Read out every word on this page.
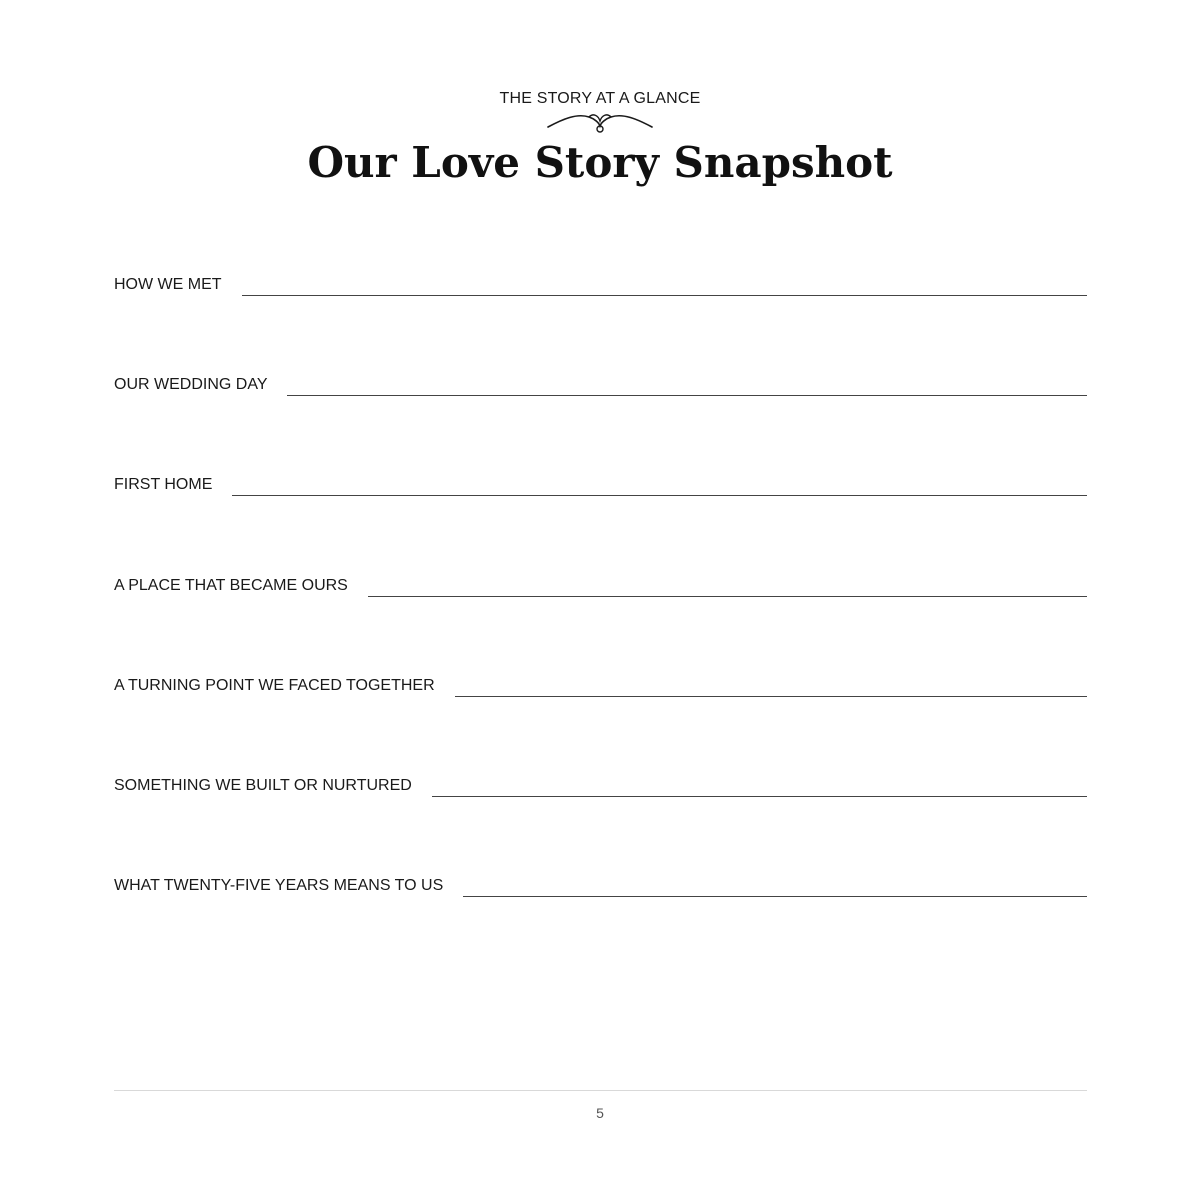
THE STORY AT A GLANCE
Our Love Story Snapshot
HOW WE MET
OUR WEDDING DAY
FIRST HOME
A PLACE THAT BECAME OURS
A TURNING POINT WE FACED TOGETHER
SOMETHING WE BUILT OR NURTURED
WHAT TWENTY-FIVE YEARS MEANS TO US
5
